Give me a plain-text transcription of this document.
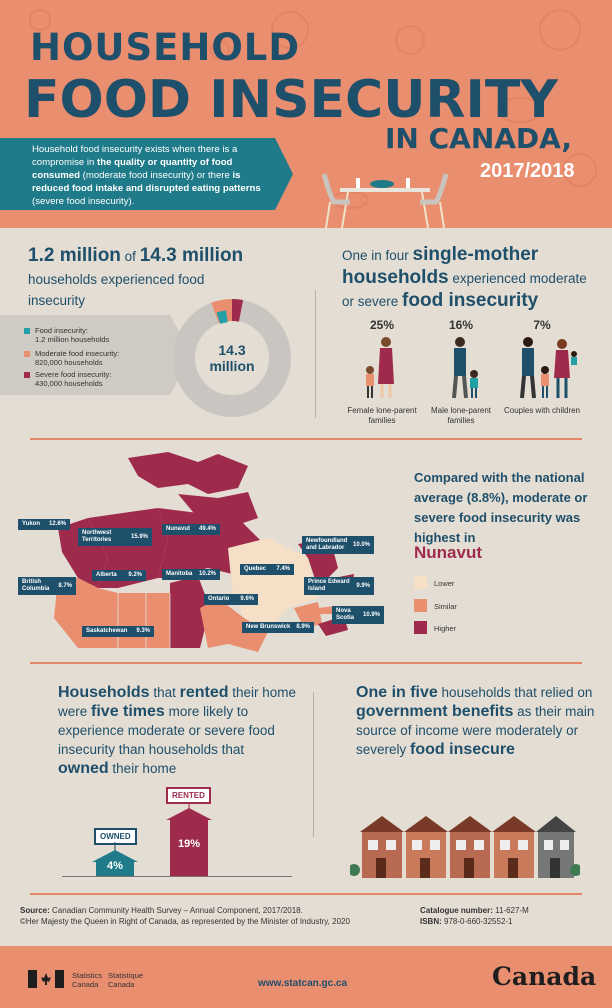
HOUSEHOLD
FOOD INSECURITY
IN CANADA,
2017/2018
Household food insecurity exists when there is a compromise in the quality or quantity of food consumed (moderate food insecurity) or there is reduced food intake and disrupted eating patterns (severe food insecurity).
1.2 million of 14.3 million
households experienced food insecurity
Food insecurity:
1.2 million households
Moderate food insecurity:
820,000 households
Severe food insecurity:
430,000 households
14.3 million
One in four single-mother
households experienced moderate
or severe food insecurity
25%	16%	7%
Female lone-parent families
Male lone-parent families
Couples with children
Yukon 12.6%
Northwest Territories
15.9%
Nunavut 49.4%
British Columbia
8.7%
Alberta 9.2%	Manitoba 10.2%
Saskatchewan 9.3%
Ontario 9.6%
Quebec 7.4%
Newfoundland and Labrador
10.0%
Prince Edward Island
9.9%
Nova Scotia
10.9%
New Brunswick 8.9%
Compared with the national average (8.8%), moderate or severe food insecurity was highest in
Nunavut
Lower
Similar
Higher
Households that rented their home were five times more likely to experience moderate or severe food insecurity than households that owned their home
OWNED
4%
RENTED
19%
One in five households that relied on government benefits as their main source of income were moderately or severely food insecure
Source: Canadian Community Health Survey – Annual Component, 2017/2018.
©Her Majesty the Queen in Right of Canada, as represented by the Minister of Industry, 2020
Catalogue number: 11-627-M
ISBN: 978-0-660-32552-1
Statistics
Canada
Statistique
Canada	www.statcan.gc.ca	Canada
